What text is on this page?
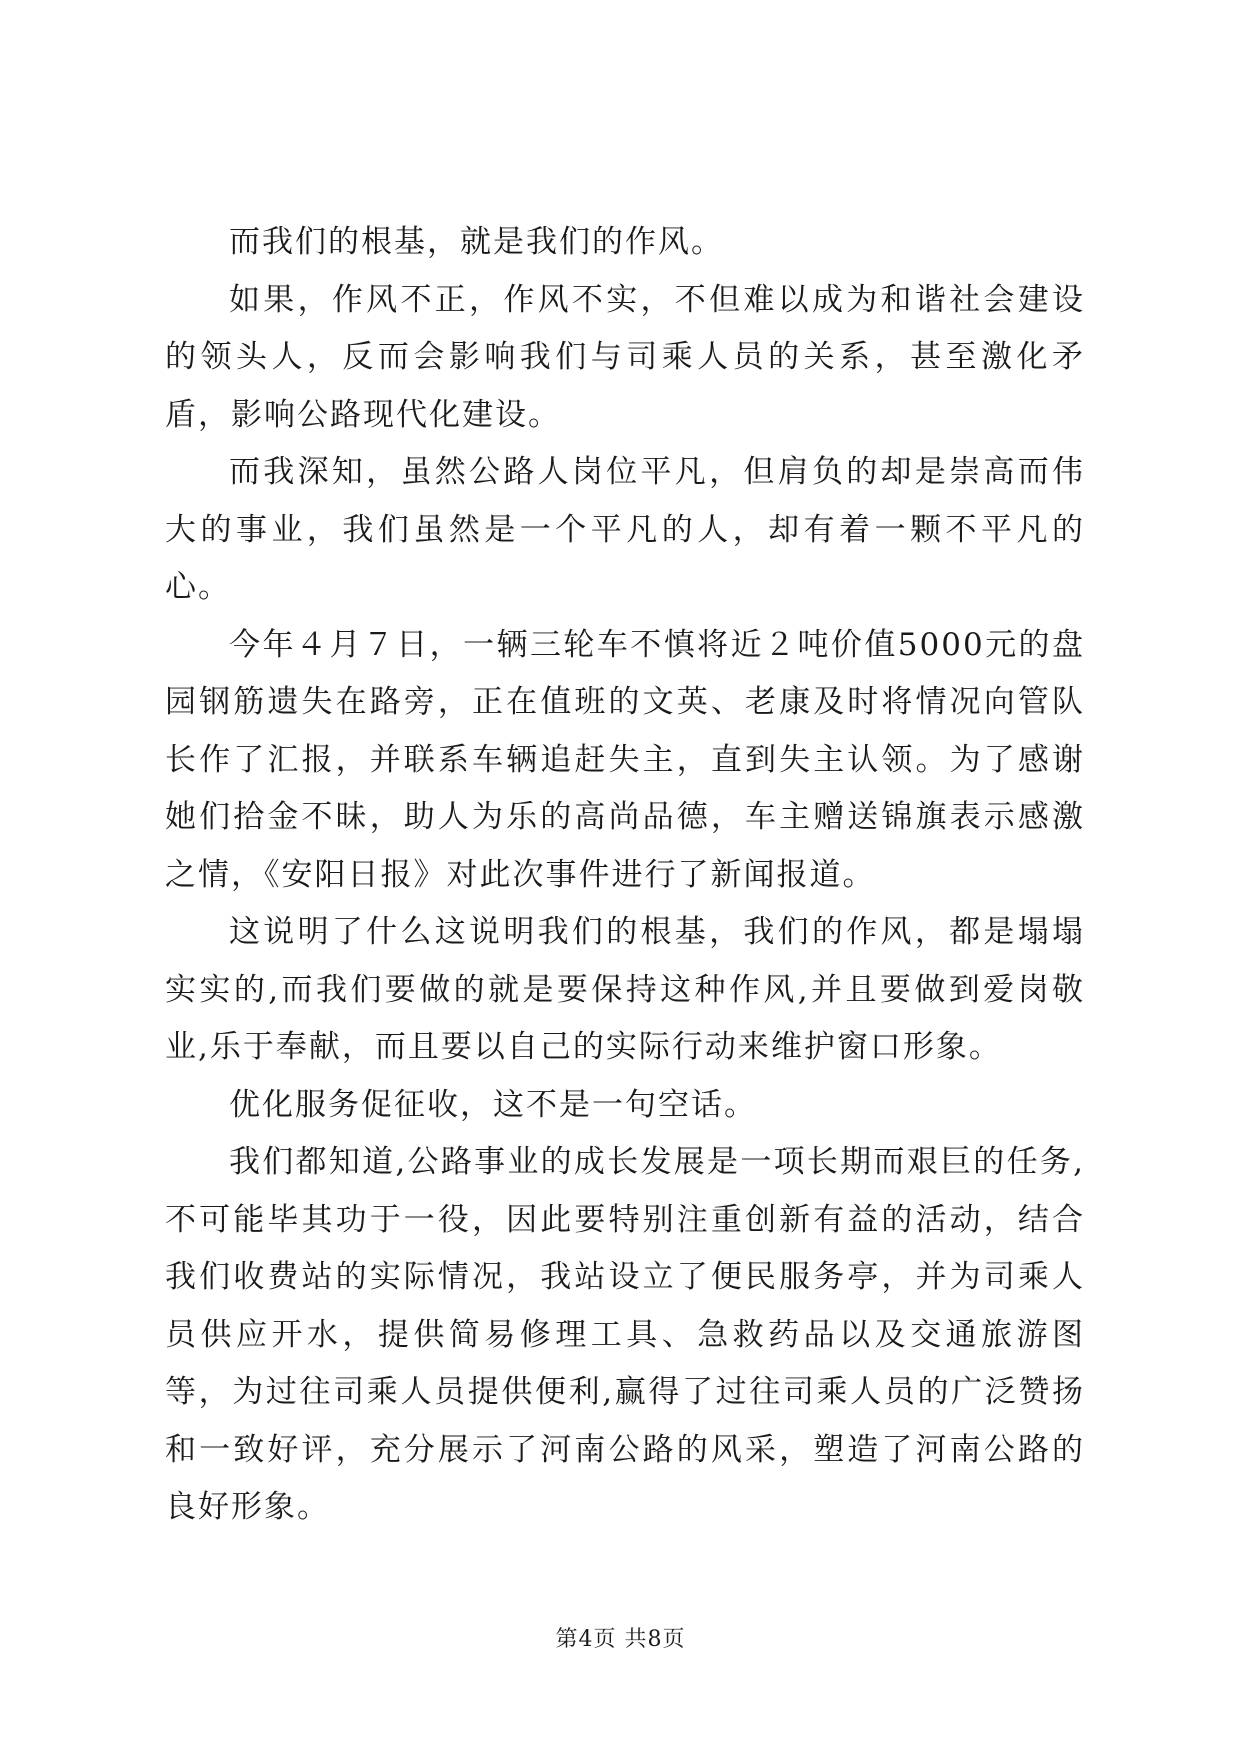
而我们的根基，就是我们的作风。

如果，作风不正，作风不实，不但难以成为和谐社会建设的领头人，反而会影响我们与司乘人员的关系，甚至激化矛盾，影响公路现代化建设。

而我深知，虽然公路人岗位平凡，但肩负的却是崇高而伟大的事业，我们虽然是一个平凡的人，却有着一颗不平凡的心。

今年４月７日，一辆三轮车不慎将近２吨价值5000元的盘园钢筋遗失在路旁，正在值班的文英、老康及时将情况向管队长作了汇报，并联系车辆追赶失主，直到失主认领。为了感谢她们拾金不昧，助人为乐的高尚品德，车主赠送锦旗表示感激之情，《安阳日报》对此次事件进行了新闻报道。

这说明了什么这说明我们的根基，我们的作风，都是塌塌实实的,而我们要做的就是要保持这种作风,并且要做到爱岗敬业,乐于奉献，而且要以自己的实际行动来维护窗口形象。

优化服务促征收，这不是一句空话。

我们都知道,公路事业的成长发展是一项长期而艰巨的任务,不可能毕其功于一役，因此要特别注重创新有益的活动，结合我们收费站的实际情况，我站设立了便民服务亭，并为司乘人员供应开水，提供简易修理工具、急救药品以及交通旅游图等，为过往司乘人员提供便利,赢得了过往司乘人员的广泛赞扬和一致好评，充分展示了河南公路的风采，塑造了河南公路的良好形象。

第4页 共8页
